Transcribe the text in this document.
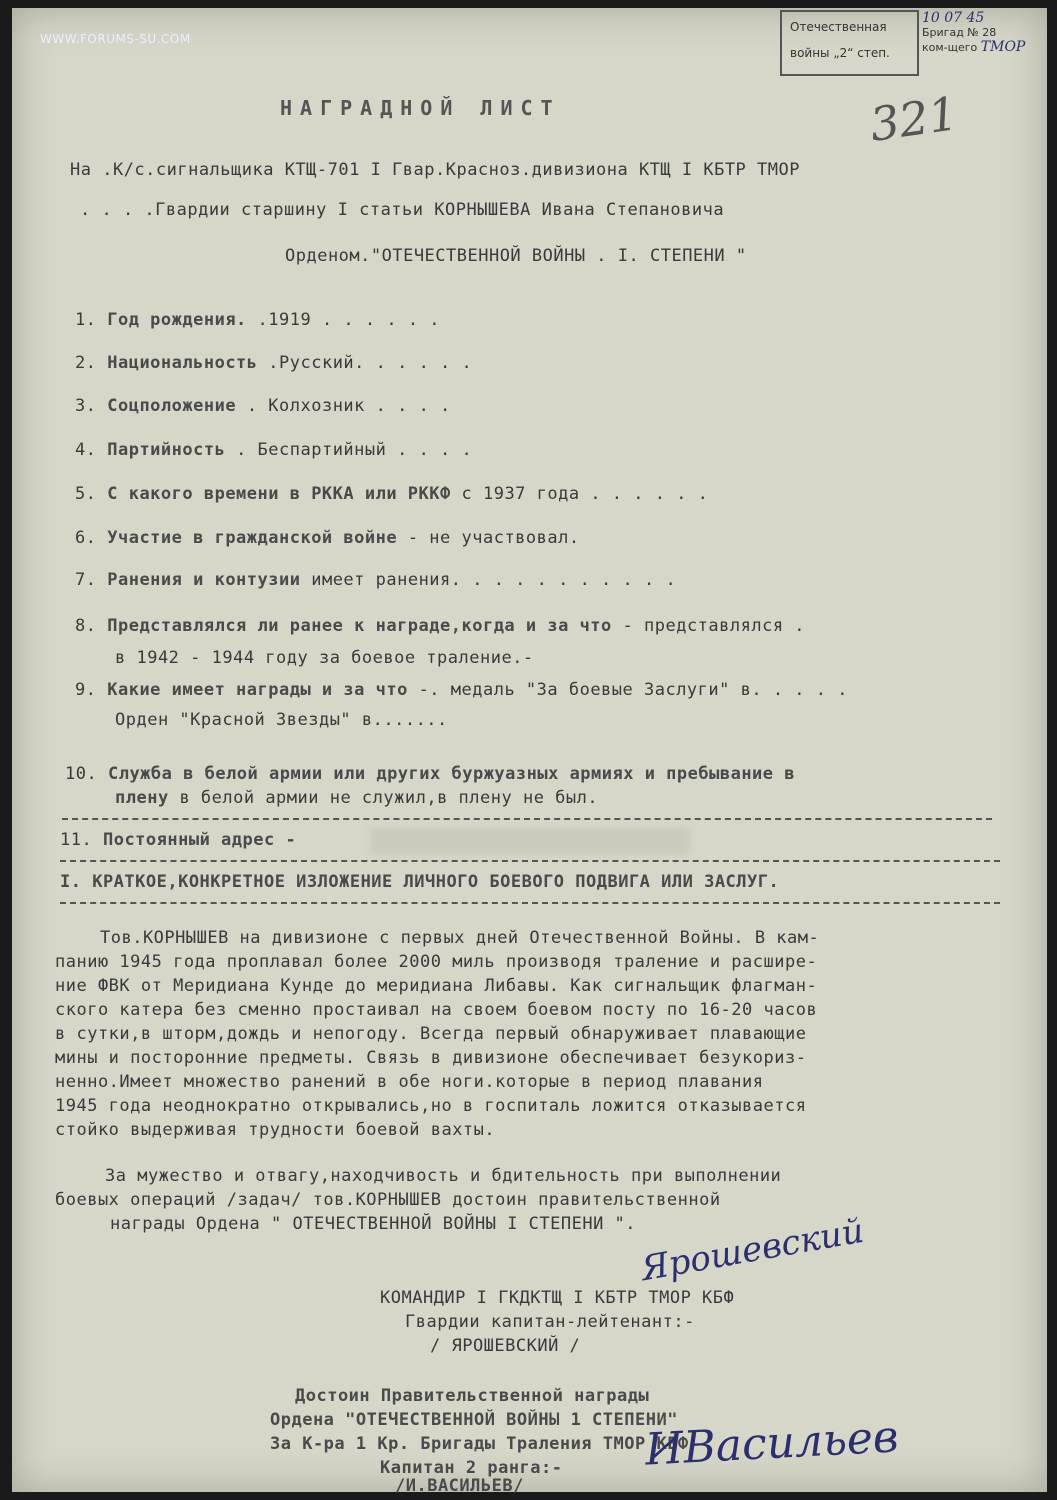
WWW.FORUMS-SU.COM
Отечественная
войны „2“ степ.
10 07 45
Бригад № 28
ком-щего ТМОР
321
НАГРАДНОЙ ЛИСТ
На .К/с.сигнальщика КТЩ-701 I Гвар.Красноз.дивизиона КТЩ I КБТР ТМОР
. . . .Гвардии старшину I статьи КОРНЫШЕВА Ивана Степановича
Орденом."ОТЕЧЕСТВЕННОЙ ВОЙНЫ . I. СТЕПЕНИ "
1. Год рождения. .1919 . . . . . .
2. Национальность .Русский. . . . . .
3. Соцположение . Колхозник . . . .
4. Партийность . Беспартийный . . . .
5. С какого времени в РККА или РККФ с 1937 года . . . . . .
6. Участие в гражданской войне - не участвовал.
7. Ранения и контузии имеет ранения. . . . . . . . . . .
8. Представлялся ли ранее к награде,когда и за что - представлялся .
в 1942 - 1944 году за боевое траление.-
9. Какие имеет награды и за что -. медаль "За боевые Заслуги" в. . . . .
Орден "Красной Звезды" в.......
10. Служба в белой армии или других буржуазных армиях и пребывание в
плену в белой армии не служил,в плену не был.
11. Постоянный адрес -
I. КРАТКОЕ,КОНКРЕТНОЕ ИЗЛОЖЕНИЕ ЛИЧНОГО БОЕВОГО ПОДВИГА ИЛИ ЗАСЛУГ.
Тов.КОРНЫШЕВ на дивизионе с первых дней Отечественной Войны. В кам-
панию 1945 года проплавал более 2000 миль производя траление и расшире-
ние ФВК от Меридиана Кунде до меридиана Либавы. Как сигнальщик флагман-
ского катера без сменно простаивал на своем боевом посту по 16-20 часов
в сутки,в шторм,дождь и непогоду. Всегда первый обнаруживает плавающие
мины и посторонние предметы. Связь в дивизионе обеспечивает безукориз-
ненно.Имеет множество ранений в обе ноги.которые в период плавания
1945 года неоднократно открывались,но в госпиталь ложится отказывается
стойко выдерживая трудности боевой вахты.
За мужество и отвагу,находчивость и бдительность при выполнении
боевых операций /задач/ тов.КОРНЫШЕВ достоин правительственной
награды Ордена " ОТЕЧЕСТВЕННОЙ ВОЙНЫ I СТЕПЕНИ ".
КОМАНДИР I ГКДКТЩ I КБТР ТМОР КБФ
Гвардии капитан-лейтенант:-
/ ЯРОШЕВСКИЙ /
Ярошевский
Достоин Правительственной награды
Ордена "ОТЕЧЕСТВЕННОЙ ВОЙНЫ 1 СТЕПЕНИ"
За К-ра 1 Кр. Бригады Траления ТМОР КБФ
Капитан 2 ранга:-
/И.ВАСИЛЬЕВ/
ИВасильев
